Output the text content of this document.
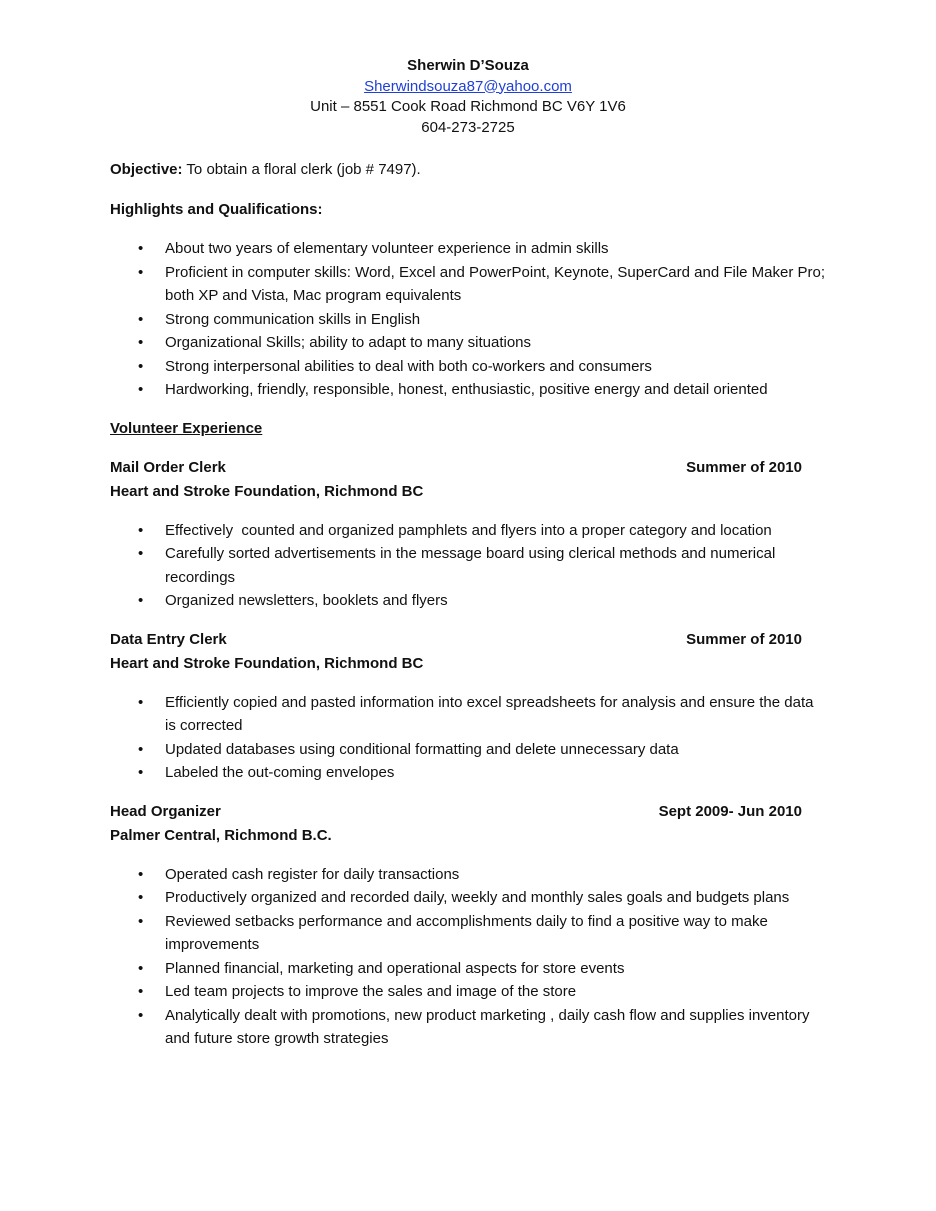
Sherwin D’Souza
Sherwindsouza87@yahoo.com
Unit – 8551 Cook Road Richmond BC V6Y 1V6
604-273-2725
Objective: To obtain a floral clerk (job # 7497).
Highlights and Qualifications:
• About two years of elementary volunteer experience in admin skills
• Proficient in computer skills: Word, Excel and PowerPoint, Keynote, SuperCard and File Maker Pro; both XP and Vista, Mac program equivalents
• Strong communication skills in English
• Organizational Skills; ability to adapt to many situations
• Strong interpersonal abilities to deal with both co-workers and consumers
• Hardworking, friendly, responsible, honest, enthusiastic, positive energy and detail oriented
Volunteer Experience
Mail Order Clerk	Summer of 2010
Heart and Stroke Foundation, Richmond BC
• Effectively  counted and organized pamphlets and flyers into a proper category and location
• Carefully sorted advertisements in the message board using clerical methods and numerical recordings
• Organized newsletters, booklets and flyers
Data Entry Clerk	Summer of 2010
Heart and Stroke Foundation, Richmond BC
• Efficiently copied and pasted information into excel spreadsheets for analysis and ensure the data is corrected
• Updated databases using conditional formatting and delete unnecessary data
• Labeled the out-coming envelopes
Head Organizer	Sept 2009- Jun 2010
Palmer Central, Richmond B.C.
• Operated cash register for daily transactions
• Productively organized and recorded daily, weekly and monthly sales goals and budgets plans
• Reviewed setbacks performance and accomplishments daily to find a positive way to make improvements
• Planned financial, marketing and operational aspects for store events
• Led team projects to improve the sales and image of the store
• Analytically dealt with promotions, new product marketing , daily cash flow and supplies inventory and future store growth strategies
